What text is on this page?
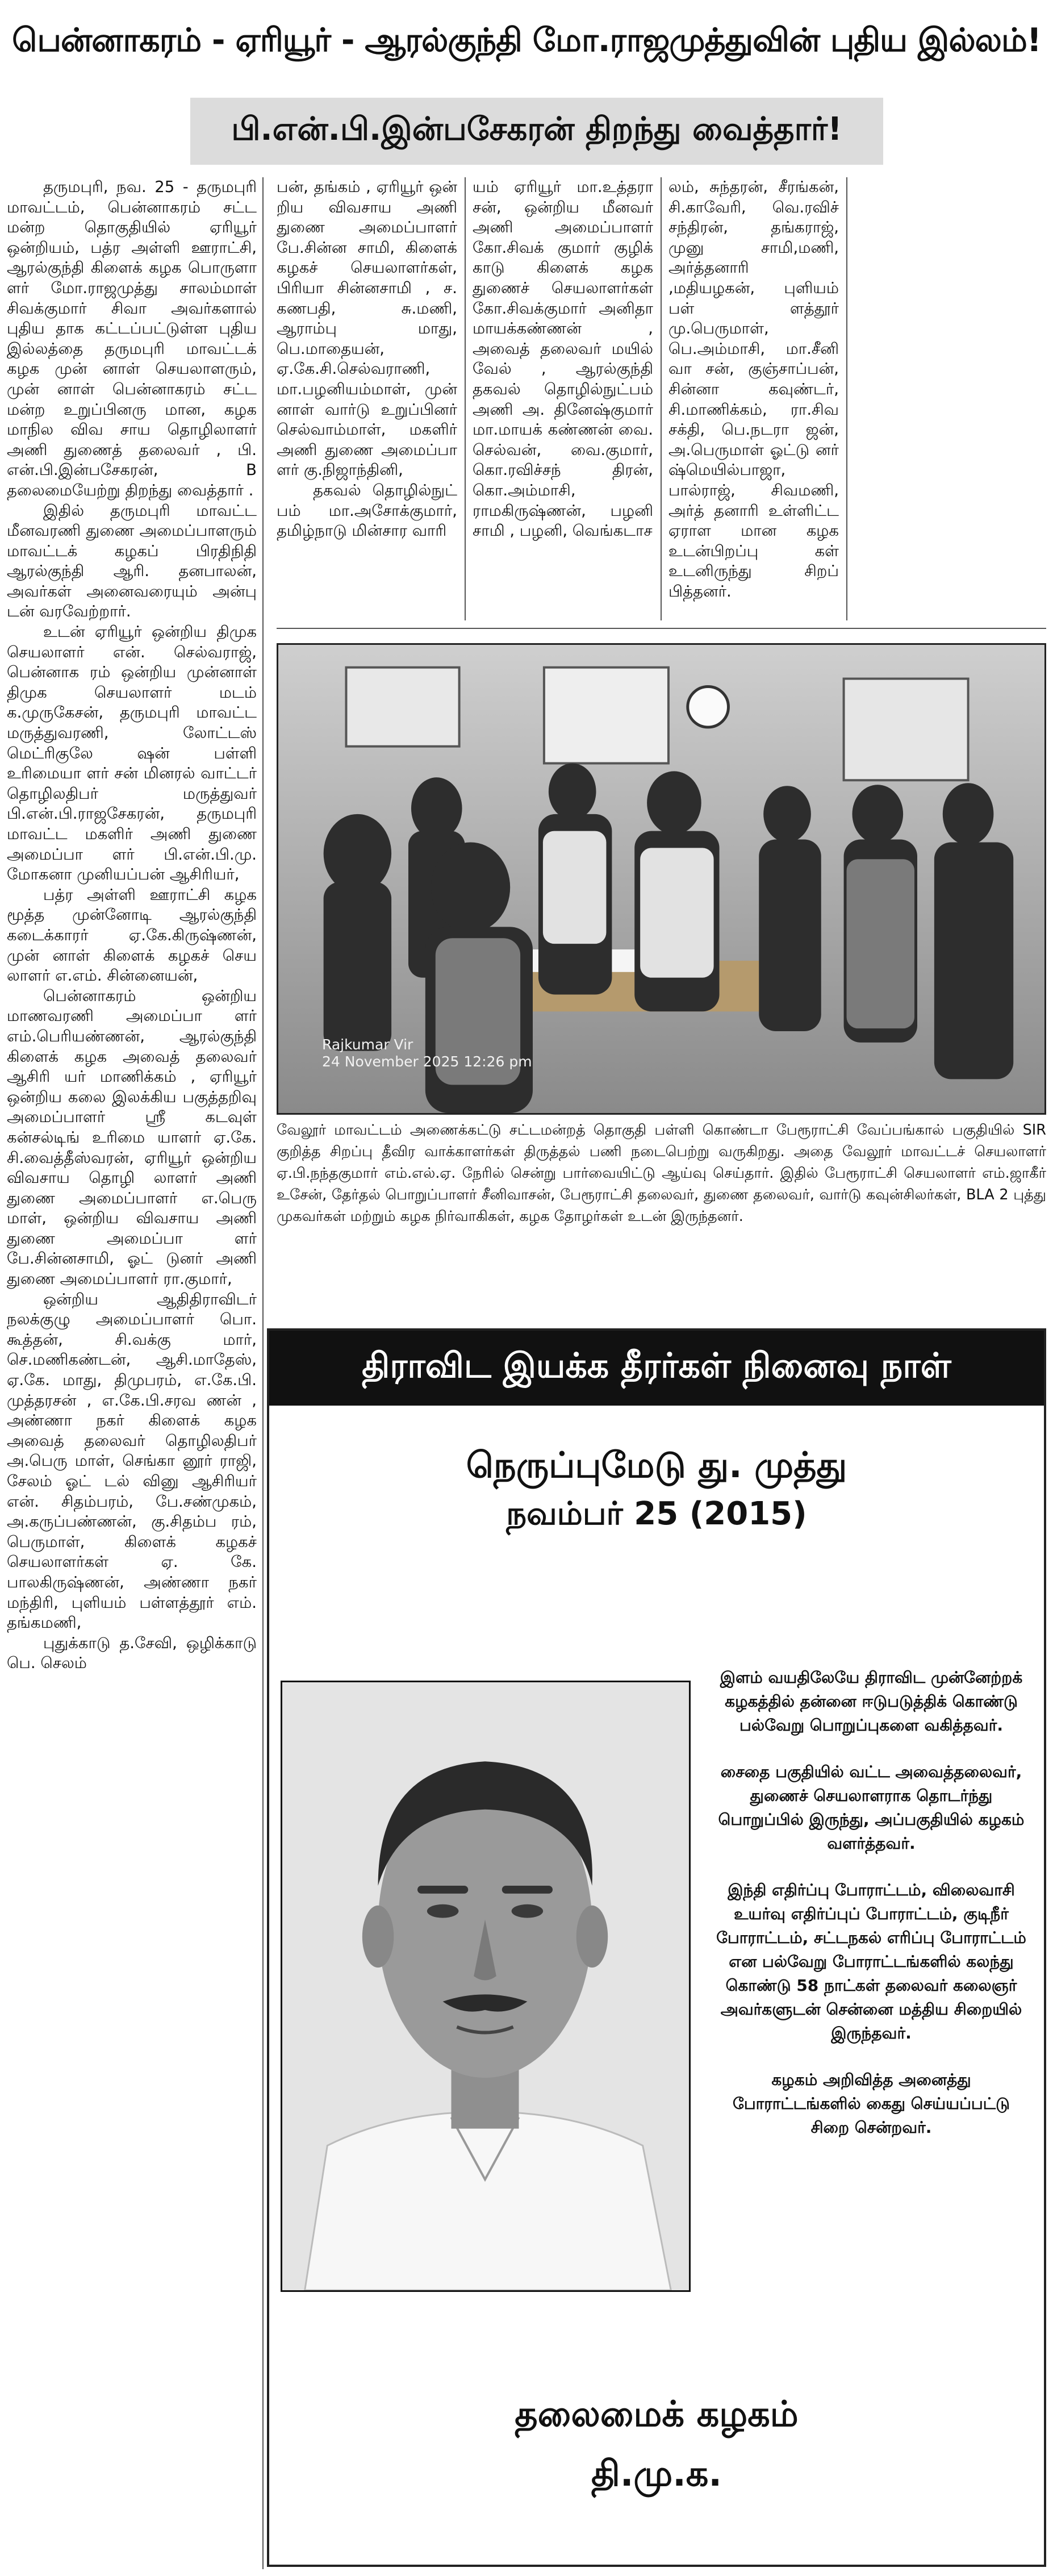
பென்னாகரம் - ஏரியூர் - ஆரல்குந்தி மோ.ராஜமுத்துவின் புதிய இல்லம்!
பி.என்.பி.இன்பசேகரன் திறந்து வைத்தார்!

தருமபுரி, நவ. 25 - தருமபுரி மாவட்டம், பென்னாகரம் சட்ட மன்ற தொகுதியில் ஏரியூர் ஒன்றியம், பத்ர அள்ளி ஊராட்சி, ஆரல்குந்தி கிளைக் கழக பொருளா ளர் மோ.ராஜமுத்து சாலம்மாள் சிவக்குமார் சிவா அவர்களால் புதிய தாக கட்டப்பட்டுள்ள புதிய இல்லத்தை தருமபுரி மாவட்டக் கழக முன் னாள் செயலாளரும், முன் னாள் பென்னாகரம் சட்ட மன்ற உறுப்பினரு மான, கழக மாநில விவ சாய தொழிலாளர் அணி துணைத் தலைவர் , பி. என்.பி.இன்பசேகரன், B தலைமையேற்று திறந்து வைத்தார் .

இதில் தருமபுரி மாவட்ட மீனவரணி துணை அமைப்பாளரும் மாவட்டக் கழகப் பிரதிநிதி ஆரல்குந்தி ஆரி. தனபாலன், அவர்கள் அனைவரையும் அன்பு டன் வரவேற்றார்.

உடன் ஏரியூர் ஒன்றிய திமுக செயலாளர் என். செல்வராஜ், பென்னாக ரம் ஒன்றிய முன்னாள் திமுக செயலாளர் மடம் க.முருகேசன், தருமபுரி மாவட்ட மருத்துவரணி, லோட்டஸ் மெட்ரிகுலே ஷன் பள்ளி உரிமையா ளர் சன் மினரல் வாட்டர் தொழிலதிபர் மருத்துவர் பி.என்.பி.ராஜசேகரன், தருமபுரி மாவட்ட மகளிர் அணி துணை அமைப்பா ளர் பி.என்.பி.மு. மோகனா முனியப்பன் ஆசிரியர்,

பத்ர அள்ளி ஊராட்சி கழக மூத்த முன்னோடி ஆரல்குந்தி கடைக்காரர் ஏ.கே.கிருஷ்ணன், முன் னாள் கிளைக் கழகச் செய லாளர் எ.எம். சின்னையன்,

பென்னாகரம் ஒன்றிய மாணவரணி அமைப்பா ளர் எம்.பெரியண்ணன், ஆரல்குந்தி கிளைக் கழக அவைத் தலைவர் ஆசிரி யர் மாணிக்கம் , ஏரியூர் ஒன்றிய கலை இலக்கிய பகுத்தறிவு அமைப்பாளர் ஸ்ரீ கடவுள் கன்சல்டிங் உரிமை யாளர் ஏ.கே. சி.வைத்தீஸ்வரன், ஏரியூர் ஒன்றிய விவசாய தொழி லாளர் அணி துணை அமைப்பாளர் எ.பெரு மாள், ஒன்றிய விவசாய அணி துணை அமைப்பா ளர் பே.சின்னசாமி, ஓட் டுனர் அணி துணை அமைப்பாளர் ரா.குமார்,

ஒன்றிய ஆதிதிராவிடர் நலக்குழு அமைப்பாளர் பொ. கூத்தன், சி.வக்கு மார், செ.மணிகண்டன், ஆசி.மாதேஸ், ஏ.கே. மாது, திமுபரம், எ.கே.பி. முத்தரசன் , எ.கே.பி.சரவ ணன் , அண்ணா நகர் கிளைக் கழக அவைத் தலைவர் தொழிலதிபர் அ.பெரு மாள், செங்கா னூர் ராஜி, சேலம் ஓட் டல் வினு ஆசிரியர் என். சிதம்பரம், பே.சண்முகம், அ.கருப்பண்ணன், கு.சிதம்ப ரம், பெருமாள், கிளைக் கழகச் செயலாளர்கள் ஏ. கே. பாலகிருஷ்ணன், அண்ணா நகர் மந்திரி, புளியம் பள்ளத்தூர் எம். தங்கமணி,

புதுக்காடு த.சேவி, ஒழிக்காடு பெ. செலம்

பன், தங்கம் , ஏரியூர் ஒன் றிய விவசாய அணி துணை அமைப்பாளர் பே.சின்ன சாமி, கிளைக் கழகச் செயலாளர்கள், பிரியா சின்னசாமி , ச. கணபதி, சு.மணி, ஆராம்பு மாது, பெ.மாதையன், ஏ.கே.சி.செல்வராணி, மா.பழனியம்மாள், முன் னாள் வார்டு உறுப்பினர் செல்வாம்மாள், மகளிர் அணி துணை அமைப்பா ளர் கு.நிஜாந்தினி,

தகவல் தொழில்நுட் பம் மா.அசோக்குமார், தமிழ்நாடு மின்சார வாரி

யம் ஏரியூர் மா.உத்தரா சன், ஒன்றிய மீனவர் அணி அமைப்பாளர் கோ.சிவக் குமார் குழிக் காடு கிளைக் கழக துணைச் செயலாளர்கள் கோ.சிவக்குமார் அனிதா மாயக்கண்ணன் , அவைத் தலைவர் மயில் வேல் , ஆரல்குந்தி தகவல் தொழில்நுட்பம் அணி அ. தினேஷ்குமார் மா.மாயக் கண்ணன் வை. செல்வன், வை.குமார், கொ.ரவிச்சந் திரன், கொ.அம்மாசி, ராமகிருஷ்ணன், பழனி சாமி , பழனி, வெங்கடாச

லம், சுந்தரன், சீரங்கன், சி.காவேரி, வெ.ரவிச் சந்திரன், தங்கராஜ், முனு சாமி,மணி, அர்த்தனாரி ,மதியழகன், புளியம் பள் ளத்தூர் மு.பெருமாள், பெ.அம்மாசி, மா.சீனி வா சன், குஞ்சாப்பன், சின்னா கவுண்டர், சி.மாணிக்கம், ரா.சிவ சக்தி, பெ.நடரா ஜன், அ.பெருமாள் ஓட்டு னர் ஷ்மெயில்பாஜா, பால்ராஜ், சிவமணி, அர்த் தனாரி உள்ளிட்ட ஏராள மான கழக உடன்பிறப்பு கள் உடனிருந்து சிறப் பித்தனர்.

Rajkumar Vir
24 November 2025 12:26 pm
வேலூர் மாவட்டம் அணைக்கட்டு சட்டமன்றத் தொகுதி பள்ளி கொண்டா பேரூராட்சி வேப்பங்கால் பகுதியில் SIR குறித்த சிறப்பு தீவிர வாக்காளர்கள் திருத்தல் பணி நடைபெற்று வருகிறது. அதை வேலூர் மாவட்டச் செயலாளர் ஏ.பி.நந்தகுமார் எம்.எல்.ஏ. நேரில் சென்று பார்வையிட்டு ஆய்வு செய்தார். இதில் பேரூராட்சி செயலாளர் எம்.ஜாகீர் உசேன், தேர்தல் பொறுப்பாளர் சீனிவாசன், பேரூராட்சி தலைவர், துணை தலைவர், வார்டு கவுன்சிலர்கள், BLA 2 புத்து முகவர்கள் மற்றும் கழக நிர்வாகிகள், கழக தோழர்கள் உடன் இருந்தனர்.
திராவிட இயக்க தீரர்கள் நினைவு நாள்
நெருப்புமேடு து. முத்து
நவம்பர் 25 (2015)

இளம் வயதிலேயே திராவிட முன்னேற்றக் கழகத்தில் தன்னை ஈடுபடுத்திக் கொண்டு பல்வேறு பொறுப்புகளை வகித்தவர்.

சைதை பகுதியில் வட்ட அவைத்தலைவர், துணைச் செயலாளராக தொடர்ந்து பொறுப்பில் இருந்து, அப்பகுதியில் கழகம் வளர்த்தவர்.

இந்தி எதிர்ப்பு போராட்டம், விலைவாசி உயர்வு எதிர்ப்புப் போராட்டம், குடிநீர் போராட்டம், சட்டநகல் எரிப்பு போராட்டம் என பல்வேறு போராட்டங்களில் கலந்து கொண்டு 58 நாட்கள் தலைவர் கலைஞர் அவர்களுடன் சென்னை மத்திய சிறையில் இருந்தவர்.

கழகம் அறிவித்த அனைத்து போராட்டங்களில் கைது செய்யப்பட்டு சிறை சென்றவர்.

தலைமைக் கழகம்
தி.மு.க.
